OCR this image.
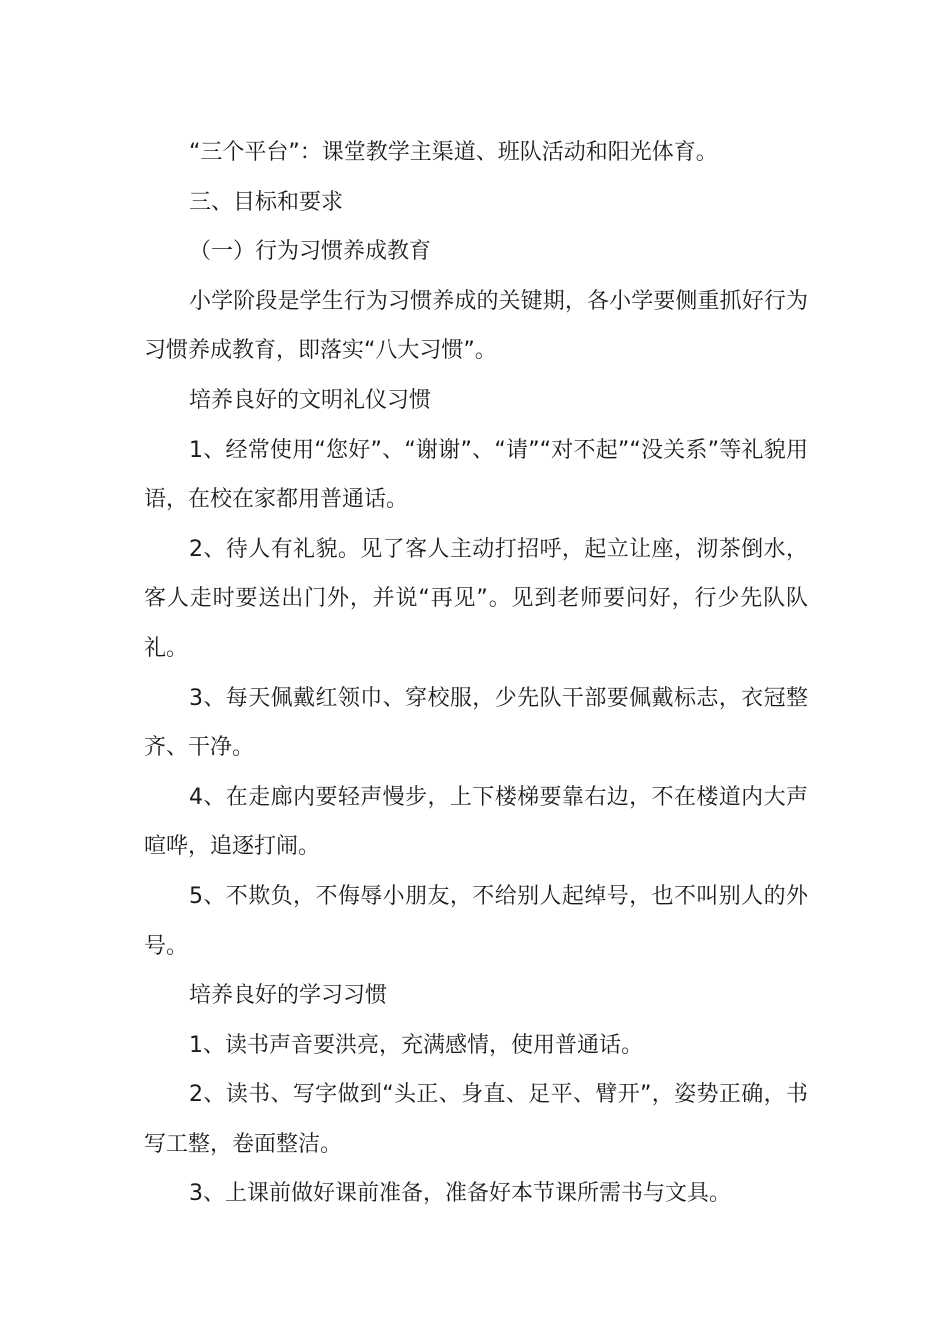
“三个平台”：课堂教学主渠道、班队活动和阳光体育。

三、目标和要求

（一）行为习惯养成教育

小学阶段是学生行为习惯养成的关键期，各小学要侧重抓好行为习惯养成教育，即落实“八大习惯”。

培养良好的文明礼仪习惯

1、经常使用“您好”、“谢谢”、“请”“对不起”“没关系”等礼貌用语，在校在家都用普通话。

2、待人有礼貌。见了客人主动打招呼，起立让座，沏茶倒水，客人走时要送出门外，并说“再见”。见到老师要问好，行少先队队礼。

3、每天佩戴红领巾、穿校服，少先队干部要佩戴标志，衣冠整齐、干净。

4、在走廊内要轻声慢步，上下楼梯要靠右边，不在楼道内大声喧哗，追逐打闹。

5、不欺负，不侮辱小朋友，不给别人起绰号，也不叫别人的外号。

培养良好的学习习惯

1、读书声音要洪亮，充满感情，使用普通话。

2、读书、写字做到“头正、身直、足平、臂开”，姿势正确，书写工整，卷面整洁。

3、上课前做好课前准备，准备好本节课所需书与文具。
